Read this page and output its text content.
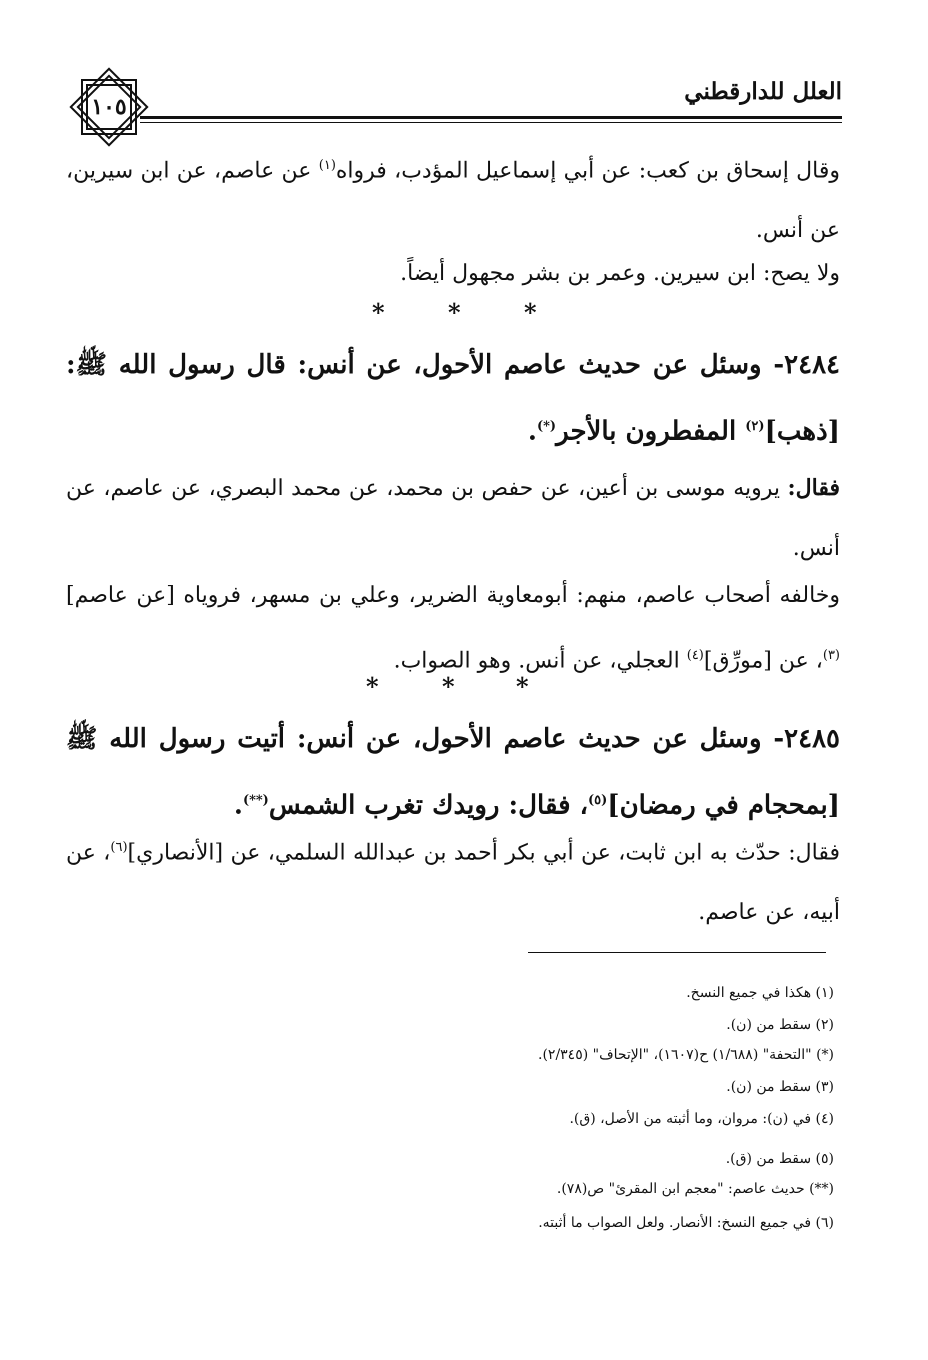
العلل للدارقطني
١٠٥
وقال إسحاق بن كعب: عن أبي إسماعيل المؤدب، فرواه$^{(١)}$ عن عاصم، عن ابن سيرين، عن أنس.
ولا يصح: ابن سيرين. وعمر بن بشر مجهول أيضاً.
*	*	*
٢٤٨٤- وسئل عن حديث عاصم الأحول، عن أنس: قال رسول الله ﷺ: [ذهب]$^{(٢)}$ المفطرون بالأجر(*).
فقال: يرويه موسى بن أعين، عن حفص بن محمد، عن محمد البصري، عن عاصم، عن أنس.
وخالفه أصحاب عاصم، منهم: أبومعاوية الضرير، وعلي بن مسهر، فروياه [عن عاصم]$^{(٣)}$، عن [مورِّق]$^{(٤)}$ العجلي، عن أنس. وهو الصواب.
*	*	*
٢٤٨٥- وسئل عن حديث عاصم الأحول، عن أنس: أتيت رسول الله ﷺ [بمحجام في رمضان]$^{(٥)}$، فقال: رويدك تغرب الشمس(**).
فقال: حدّث به ابن ثابت، عن أبي بكر أحمد بن عبدالله السلمي، عن [الأنصاري]$^{(٦)}$، عن أبيه، عن عاصم.
(١) هكذا في جميع النسخ.
(٢) سقط من (ن).
(*) "التحفة" (١/٦٨٨) ح(١٦٠٧)، "الإتحاف" (٢/٣٤٥).
(٣) سقط من (ن).
(٤) في (ن): مروان، وما أثبته من الأصل، (ق).
(٥) سقط من (ق).
(**) حديث عاصم: "معجم ابن المقرئ" ص(٧٨).
(٦) في جميع النسخ: الأنصار. ولعل الصواب ما أثبته.
